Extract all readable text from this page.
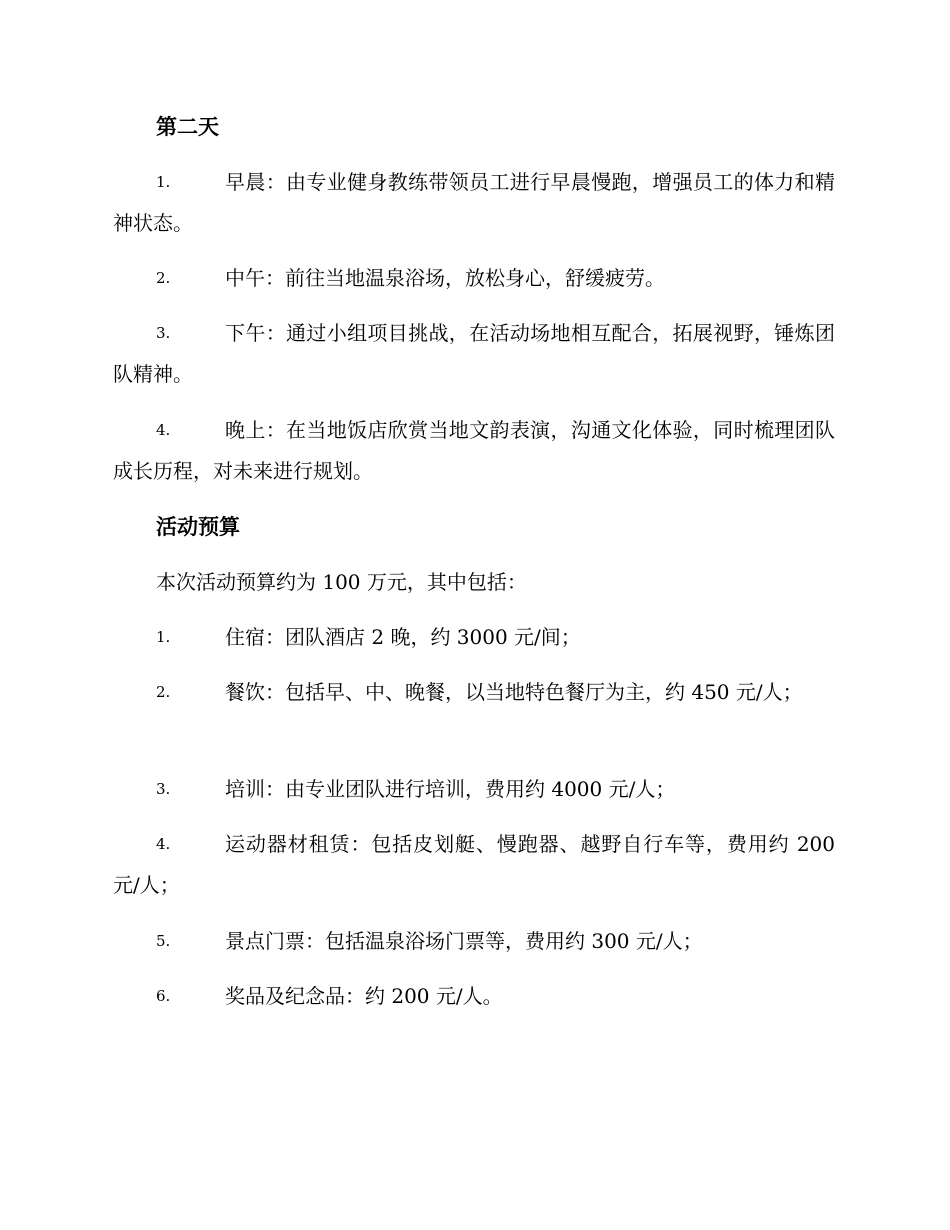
第二天
1.	早晨：由专业健身教练带领员工进行早晨慢跑，增强员工的体力和精神状态。
2.	中午：前往当地温泉浴场，放松身心，舒缓疲劳。
3.	下午：通过小组项目挑战，在活动场地相互配合，拓展视野，锤炼团队精神。
4.	晚上：在当地饭店欣赏当地文韵表演，沟通文化体验，同时梳理团队成长历程，对未来进行规划。
活动预算
本次活动预算约为 100 万元，其中包括：
1.	住宿：团队酒店 2 晚，约 3000 元/间；
2.	餐饮：包括早、中、晚餐，以当地特色餐厅为主，约 450 元/人；
3.	培训：由专业团队进行培训，费用约 4000 元/人；
4.	运动器材租赁：包括皮划艇、慢跑器、越野自行车等，费用约 200 元/人；
5.	景点门票：包括温泉浴场门票等，费用约 300 元/人；
6.	奖品及纪念品：约 200 元/人。
